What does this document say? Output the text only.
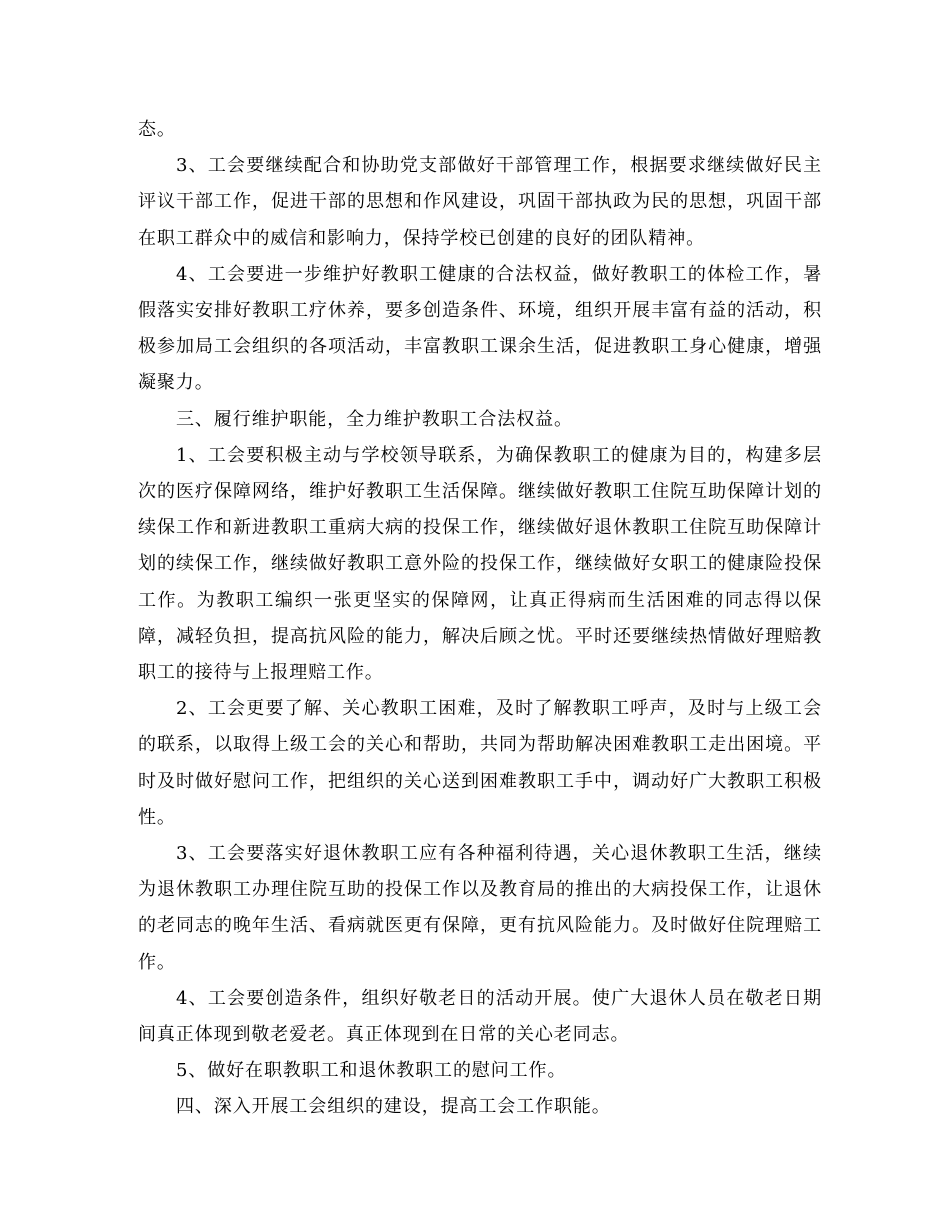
态。

3、工会要继续配合和协助党支部做好干部管理工作，根据要求继续做好民主评议干部工作，促进干部的思想和作风建设，巩固干部执政为民的思想，巩固干部在职工群众中的威信和影响力，保持学校已创建的良好的团队精神。

4、工会要进一步维护好教职工健康的合法权益，做好教职工的体检工作，暑假落实安排好教职工疗休养，要多创造条件、环境，组织开展丰富有益的活动，积极参加局工会组织的各项活动，丰富教职工课余生活，促进教职工身心健康，增强凝聚力。

三、履行维护职能，全力维护教职工合法权益。

1、工会要积极主动与学校领导联系，为确保教职工的健康为目的，构建多层次的医疗保障网络，维护好教职工生活保障。继续做好教职工住院互助保障计划的续保工作和新进教职工重病大病的投保工作，继续做好退休教职工住院互助保障计划的续保工作，继续做好教职工意外险的投保工作，继续做好女职工的健康险投保工作。为教职工编织一张更坚实的保障网，让真正得病而生活困难的同志得以保障，减轻负担，提高抗风险的能力，解决后顾之忧。平时还要继续热情做好理赔教职工的接待与上报理赔工作。

2、工会更要了解、关心教职工困难，及时了解教职工呼声，及时与上级工会的联系，以取得上级工会的关心和帮助，共同为帮助解决困难教职工走出困境。平时及时做好慰问工作，把组织的关心送到困难教职工手中，调动好广大教职工积极性。

3、工会要落实好退休教职工应有各种福利待遇，关心退休教职工生活，继续为退休教职工办理住院互助的投保工作以及教育局的推出的大病投保工作，让退休的老同志的晚年生活、看病就医更有保障，更有抗风险能力。及时做好住院理赔工作。

4、工会要创造条件，组织好敬老日的活动开展。使广大退休人员在敬老日期间真正体现到敬老爱老。真正体现到在日常的关心老同志。

5、做好在职教职工和退休教职工的慰问工作。

四、深入开展工会组织的建设，提高工会工作职能。
